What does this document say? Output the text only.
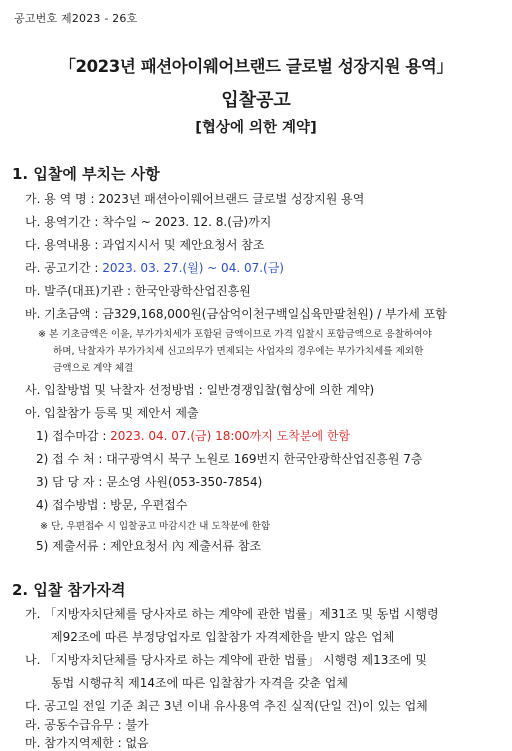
공고번호 제2023 - 26호
「2023년 패션아이웨어브랜드 글로벌 성장지원 용역」
입찰공고
[협상에 의한 계약]
1. 입찰에 부치는 사항
가. 용 역 명 : 2023년 패션아이웨어브랜드 글로벌 성장지원 용역
나. 용역기간 : 착수일 ~ 2023. 12. 8.(금)까지
다. 용역내용 : 과업지시서 및 제안요청서 참조
라. 공고기간 : 2023. 03. 27.(월) ~ 04. 07.(금)
마. 발주(대표)기관 : 한국안광학산업진흥원
바. 기초금액 : 금329,168,000원(금삼억이천구백일십육만팔천원) / 부가세 포함
※ 본 기초금액은 이윤, 부가가치세가 포함된 금액이므로 가격 입찰시 포함금액으로 응찰하여야
하며, 낙찰자가 부가가치세 신고의무가 면제되는 사업자의 경우에는 부가가치세를 제외한
금액으로 계약 체결
사. 입찰방법 및 낙찰자 선정방법 : 일반경쟁입찰(협상에 의한 계약)
아. 입찰참가 등록 및 제안서 제출
1) 접수마감 : 2023. 04. 07.(금) 18:00까지 도착분에 한함
2) 접 수 처 : 대구광역시 북구 노원로 169번지 한국안광학산업진흥원 7층
3) 담 당 자 : 문소영 사원(053-350-7854)
4) 접수방법 : 방문, 우편접수
※ 단, 우편접수 시 입찰공고 마감시간 내 도착분에 한함
5) 제출서류 : 제안요청서 內 제출서류 참조
2. 입찰 참가자격
가. 「지방자치단체를 당사자로 하는 계약에 관한 법률」제31조 및 동법 시행령
제92조에 따른 부정당업자로 입찰참가 자격제한을 받지 않은 업체
나. 「지방자치단체를 당사자로 하는 계약에 관한 법률」 시행령 제13조에 및
동법 시행규칙 제14조에 따른 입찰참가 자격을 갖춘 업체
다. 공고일 전일 기준 최근 3년 이내 유사용역 추진 실적(단일 건)이 있는 업체
라. 공동수급유무 : 불가
마. 참가지역제한 : 없음
